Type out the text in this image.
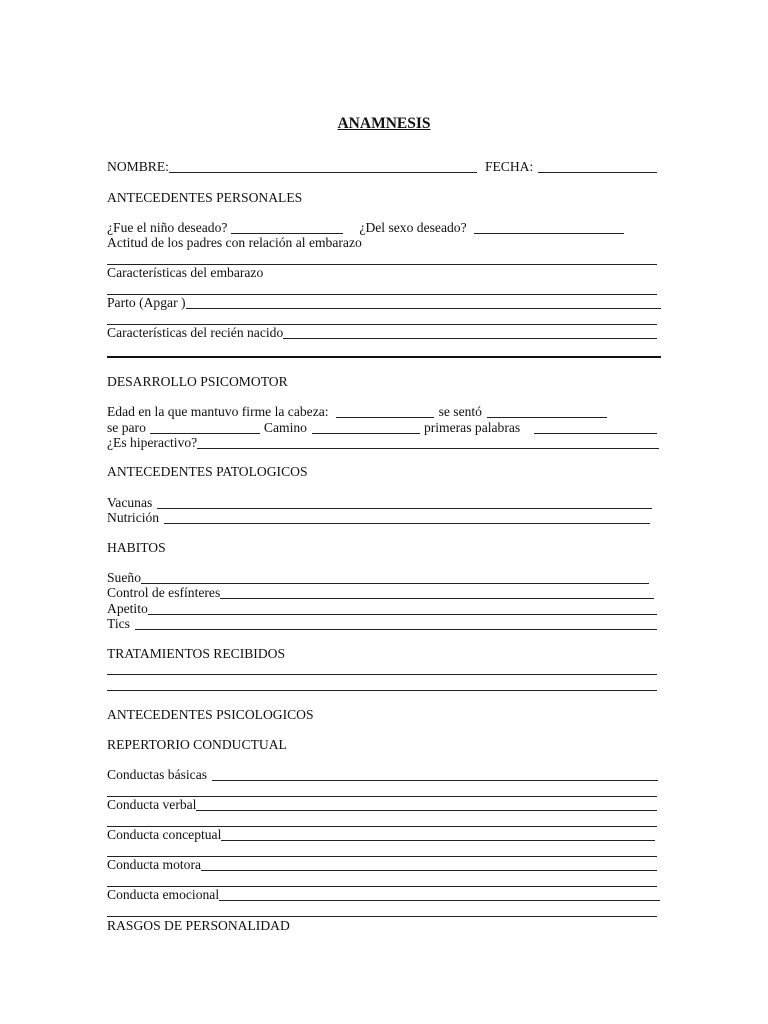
ANAMNESIS
NOMBRE:	FECHA:
ANTECEDENTES PERSONALES
¿Fue el niño deseado?	¿Del sexo deseado?
Actitud de los padres con relación al embarazo
Características del embarazo
Parto (Apgar )
Características del recién nacido
DESARROLLO PSICOMOTOR
Edad en la que mantuvo firme la cabeza:	se sentó
se paro	Camino	primeras palabras
¿Es hiperactivo?
ANTECEDENTES PATOLOGICOS
Vacunas
Nutrición
HABITOS
Sueño
Control de esfínteres
Apetito
Tics
TRATAMIENTOS RECIBIDOS
ANTECEDENTES PSICOLOGICOS
REPERTORIO CONDUCTUAL
Conductas básicas
Conducta verbal
Conducta conceptual
Conducta motora
Conducta emocional
RASGOS DE PERSONALIDAD
